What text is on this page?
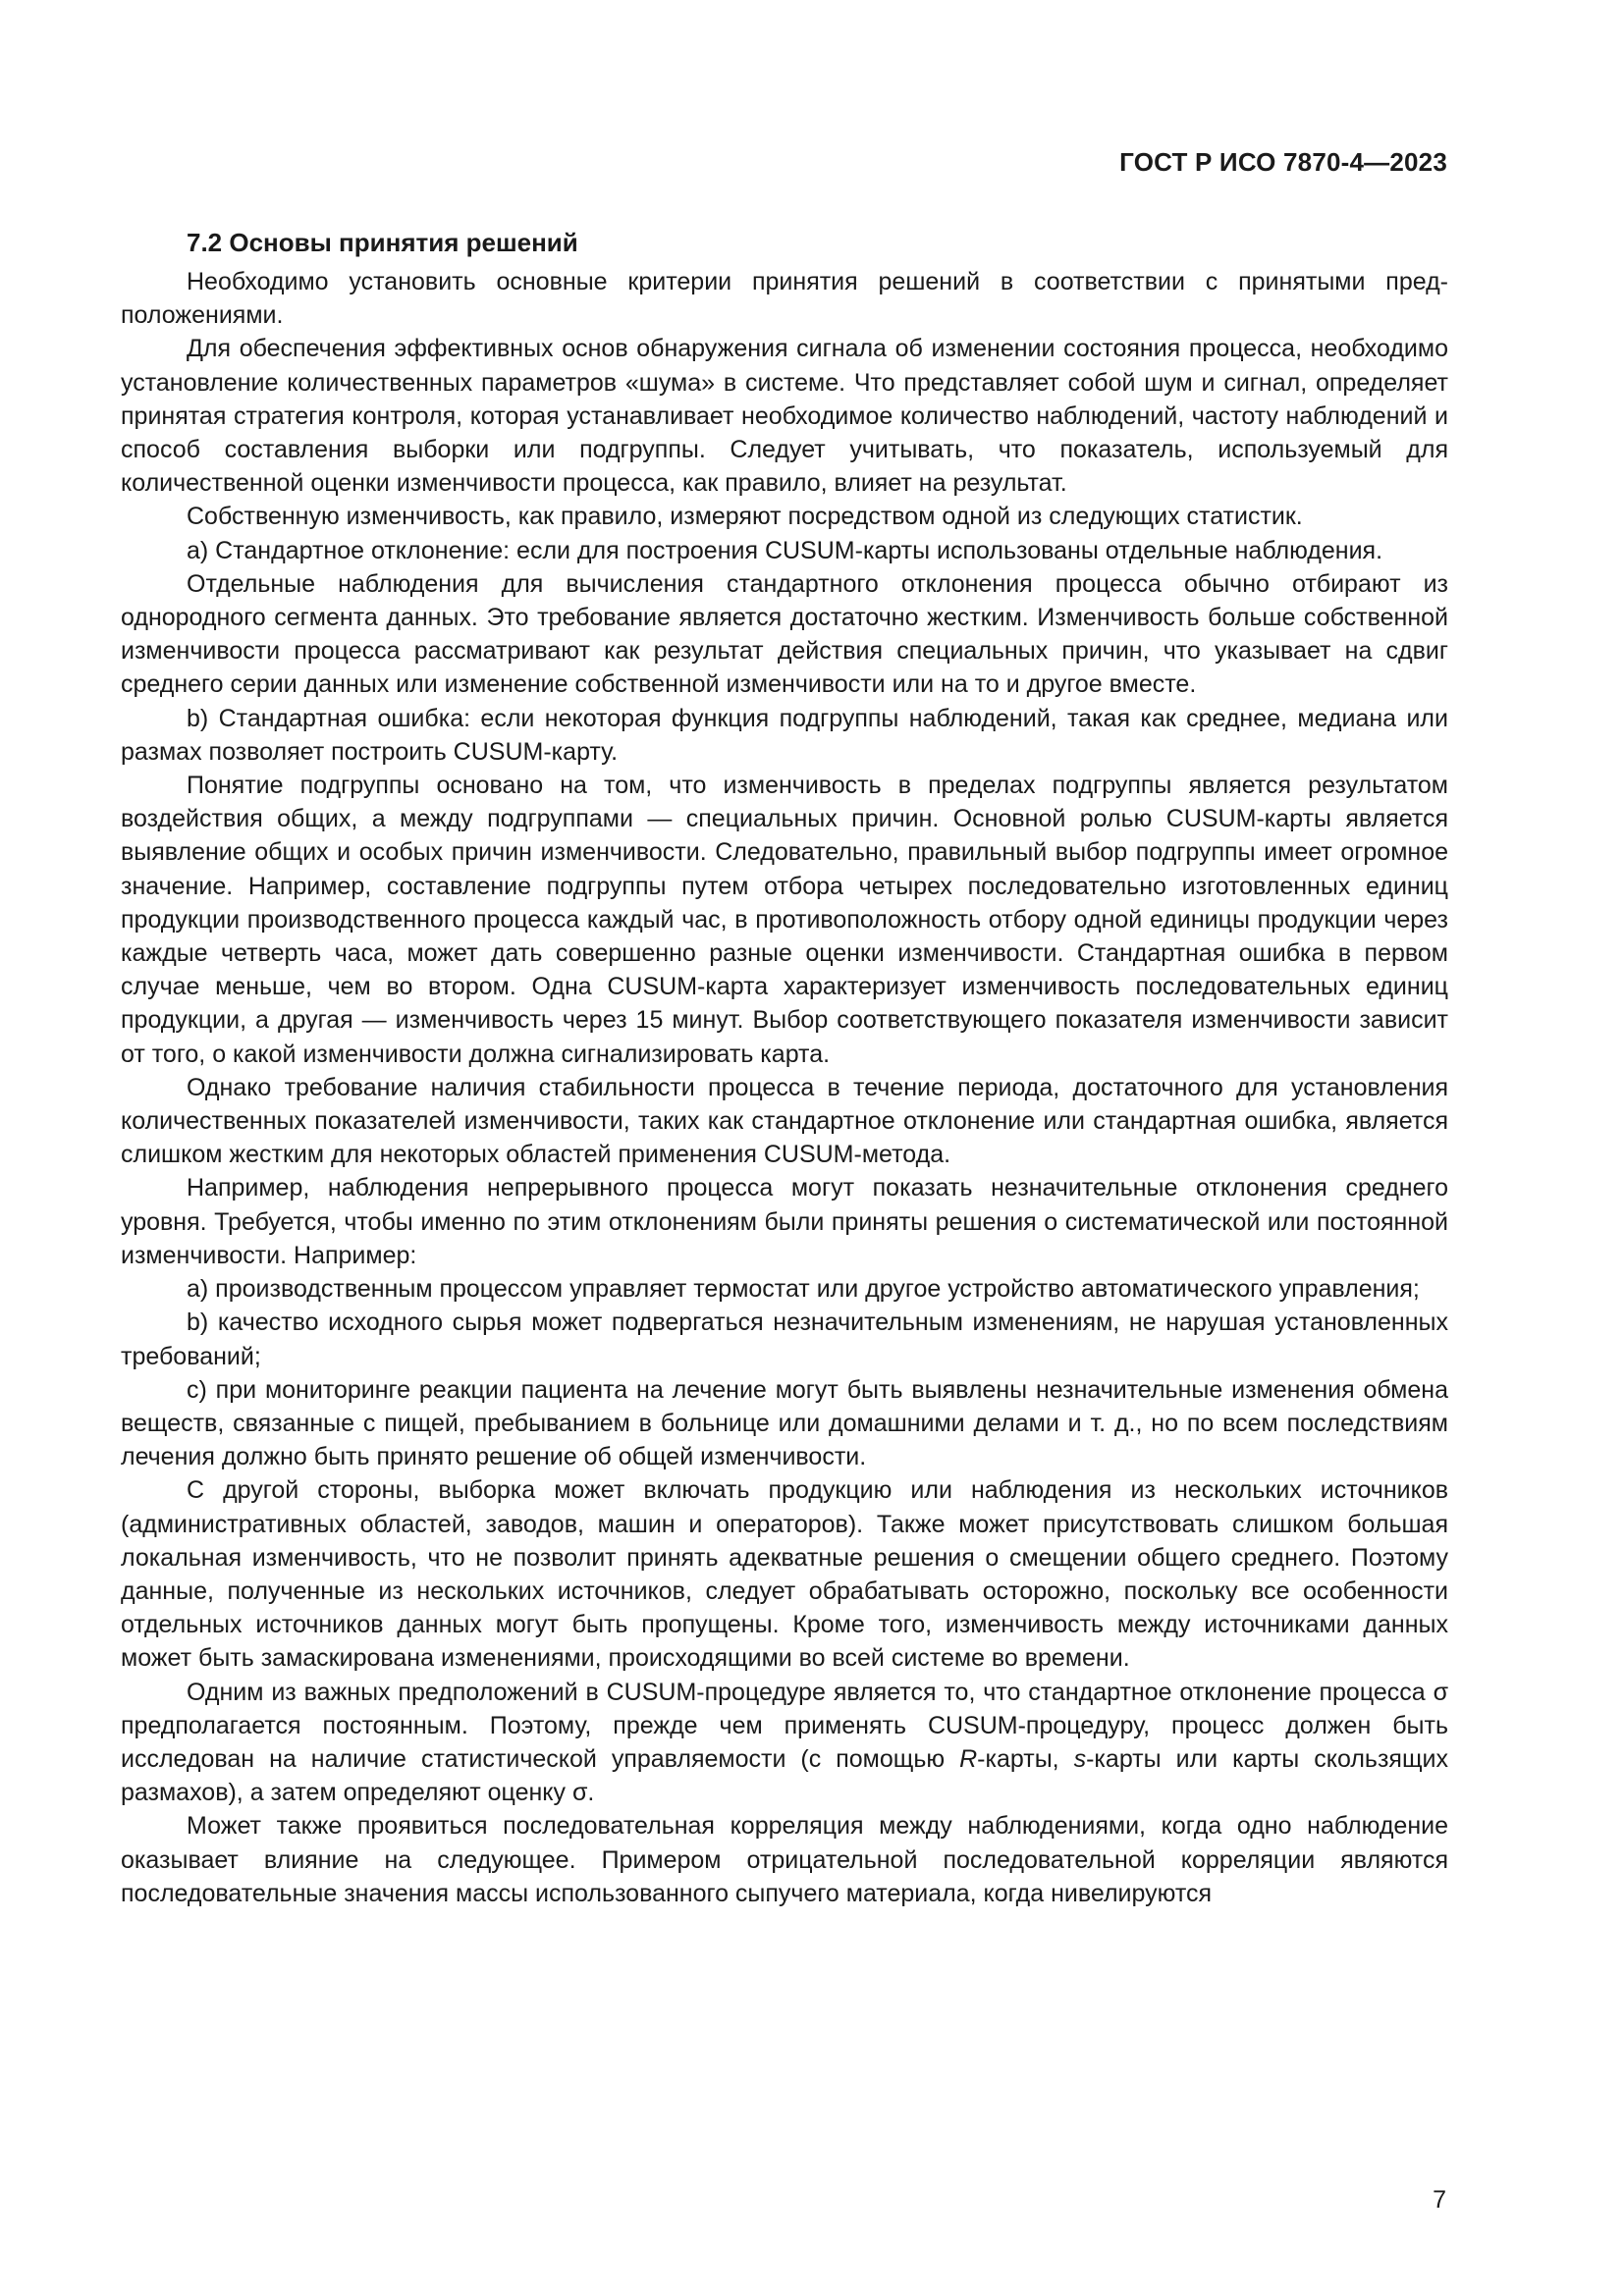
ГОСТ Р ИСО 7870-4—2023
7.2 Основы принятия решений

Необходимо установить основные критерии принятия решений в соответствии с принятыми предположениями.

Для обеспечения эффективных основ обнаружения сигнала об изменении состояния процесса, необходимо установление количественных параметров «шума» в системе. Что представляет собой шум и сигнал, определяет принятая стратегия контроля, которая устанавливает необходимое количество наблюдений, частоту наблюдений и способ составления выборки или подгруппы. Следует учитывать, что показатель, используемый для количественной оценки изменчивости процесса, как правило, влияет на результат.

Собственную изменчивость, как правило, измеряют посредством одной из следующих статистик.

а) Стандартное отклонение: если для построения CUSUM-карты использованы отдельные наблюдения.

Отдельные наблюдения для вычисления стандартного отклонения процесса обычно отбирают из однородного сегмента данных. Это требование является достаточно жестким. Изменчивость больше собственной изменчивости процесса рассматривают как результат действия специальных причин, что указывает на сдвиг среднего серии данных или изменение собственной изменчивости или на то и другое вместе.

b) Стандартная ошибка: если некоторая функция подгруппы наблюдений, такая как среднее, медиана или размах позволяет построить CUSUM-карту.

Понятие подгруппы основано на том, что изменчивость в пределах подгруппы является результатом воздействия общих, а между подгруппами — специальных причин. Основной ролью CUSUM-карты является выявление общих и особых причин изменчивости. Следовательно, правильный выбор подгруппы имеет огромное значение. Например, составление подгруппы путем отбора четырех последовательно изготовленных единиц продукции производственного процесса каждый час, в противоположность отбору одной единицы продукции через каждые четверть часа, может дать совершенно разные оценки изменчивости. Стандартная ошибка в первом случае меньше, чем во втором. Одна CUSUM-карта характеризует изменчивость последовательных единиц продукции, а другая — изменчивость через 15 минут. Выбор соответствующего показателя изменчивости зависит от того, о какой изменчивости должна сигнализировать карта.

Однако требование наличия стабильности процесса в течение периода, достаточного для установления количественных показателей изменчивости, таких как стандартное отклонение или стандартная ошибка, является слишком жестким для некоторых областей применения CUSUM-метода.

Например, наблюдения непрерывного процесса могут показать незначительные отклонения среднего уровня. Требуется, чтобы именно по этим отклонениям были приняты решения о систематической или постоянной изменчивости. Например:

а) производственным процессом управляет термостат или другое устройство автоматического управления;

b) качество исходного сырья может подвергаться незначительным изменениям, не нарушая установленных требований;

c) при мониторинге реакции пациента на лечение могут быть выявлены незначительные изменения обмена веществ, связанные с пищей, пребыванием в больнице или домашними делами и т. д., но по всем последствиям лечения должно быть принято решение об общей изменчивости.

С другой стороны, выборка может включать продукцию или наблюдения из нескольких источников (административных областей, заводов, машин и операторов). Также может присутствовать слишком большая локальная изменчивость, что не позволит принять адекватные решения о смещении общего среднего. Поэтому данные, полученные из нескольких источников, следует обрабатывать осторожно, поскольку все особенности отдельных источников данных могут быть пропущены. Кроме того, изменчивость между источниками данных может быть замаскирована изменениями, происходящими во всей системе во времени.

Одним из важных предположений в CUSUM-процедуре является то, что стандартное отклонение процесса σ предполагается постоянным. Поэтому, прежде чем применять CUSUM-процедуру, процесс должен быть исследован на наличие статистической управляемости (с помощью R-карты, s-карты или карты скользящих размахов), а затем определяют оценку σ.

Может также проявиться последовательная корреляция между наблюдениями, когда одно наблюдение оказывает влияние на следующее. Примером отрицательной последовательной корреляции являются последовательные значения массы использованного сыпучего материала, когда нивелируются

7
